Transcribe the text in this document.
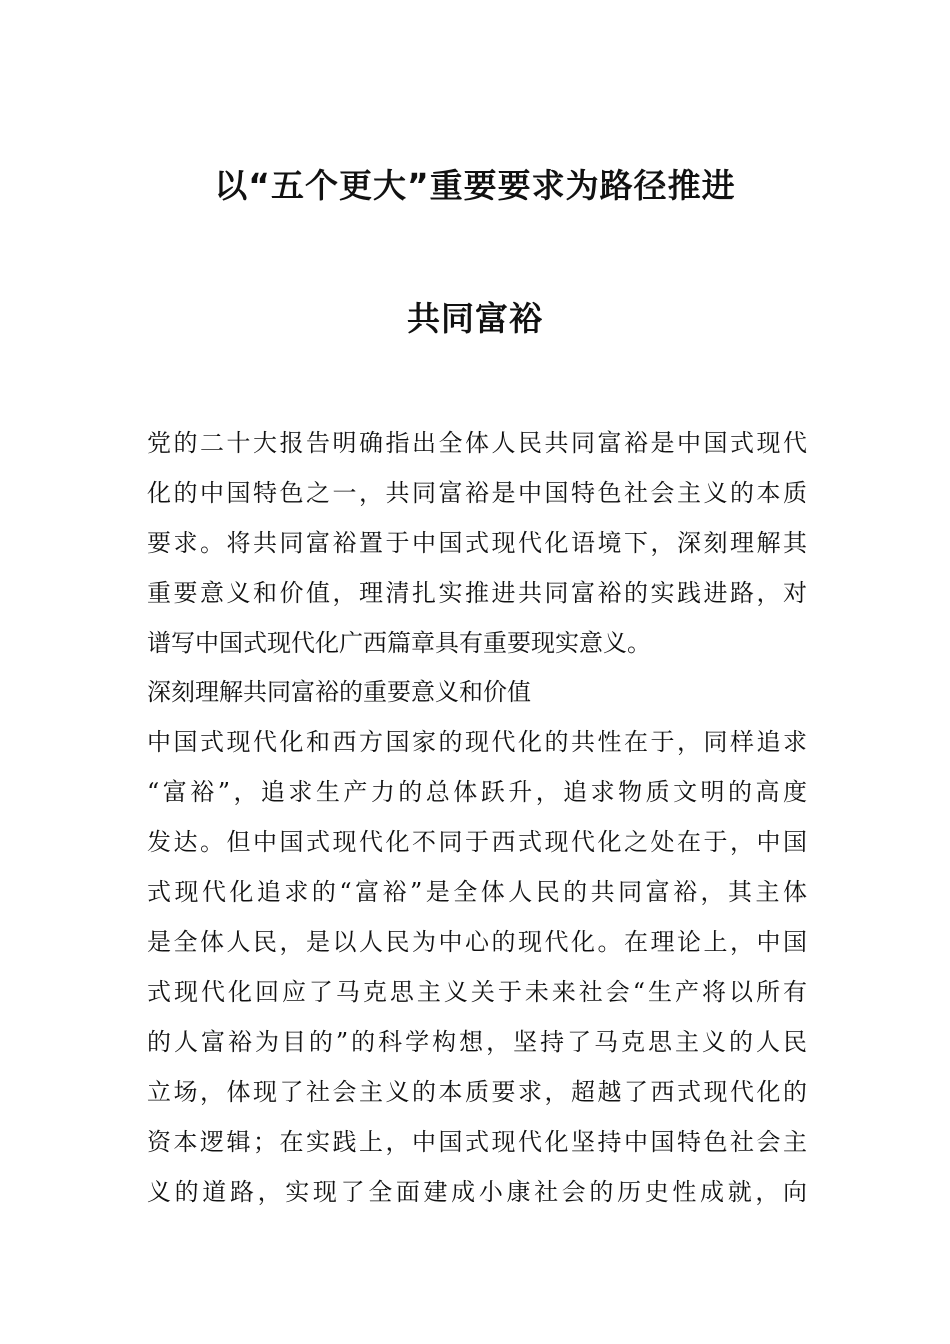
以“五个更大”重要要求为路径推进
共同富裕
党的二十大报告明确指出全体人民共同富裕是中国式现代
化的中国特色之一，共同富裕是中国特色社会主义的本质
要求。将共同富裕置于中国式现代化语境下，深刻理解其
重要意义和价值，理清扎实推进共同富裕的实践进路，对
谱写中国式现代化广西篇章具有重要现实意义。
深刻理解共同富裕的重要意义和价值
中国式现代化和西方国家的现代化的共性在于，同样追求
“富裕”，追求生产力的总体跃升，追求物质文明的高度
发达。但中国式现代化不同于西式现代化之处在于，中国
式现代化追求的“富裕”是全体人民的共同富裕，其主体
是全体人民，是以人民为中心的现代化。在理论上，中国
式现代化回应了马克思主义关于未来社会“生产将以所有
的人富裕为目的”的科学构想，坚持了马克思主义的人民
立场，体现了社会主义的本质要求，超越了西式现代化的
资本逻辑；在实践上，中国式现代化坚持中国特色社会主
义的道路，实现了全面建成小康社会的历史性成就，向
